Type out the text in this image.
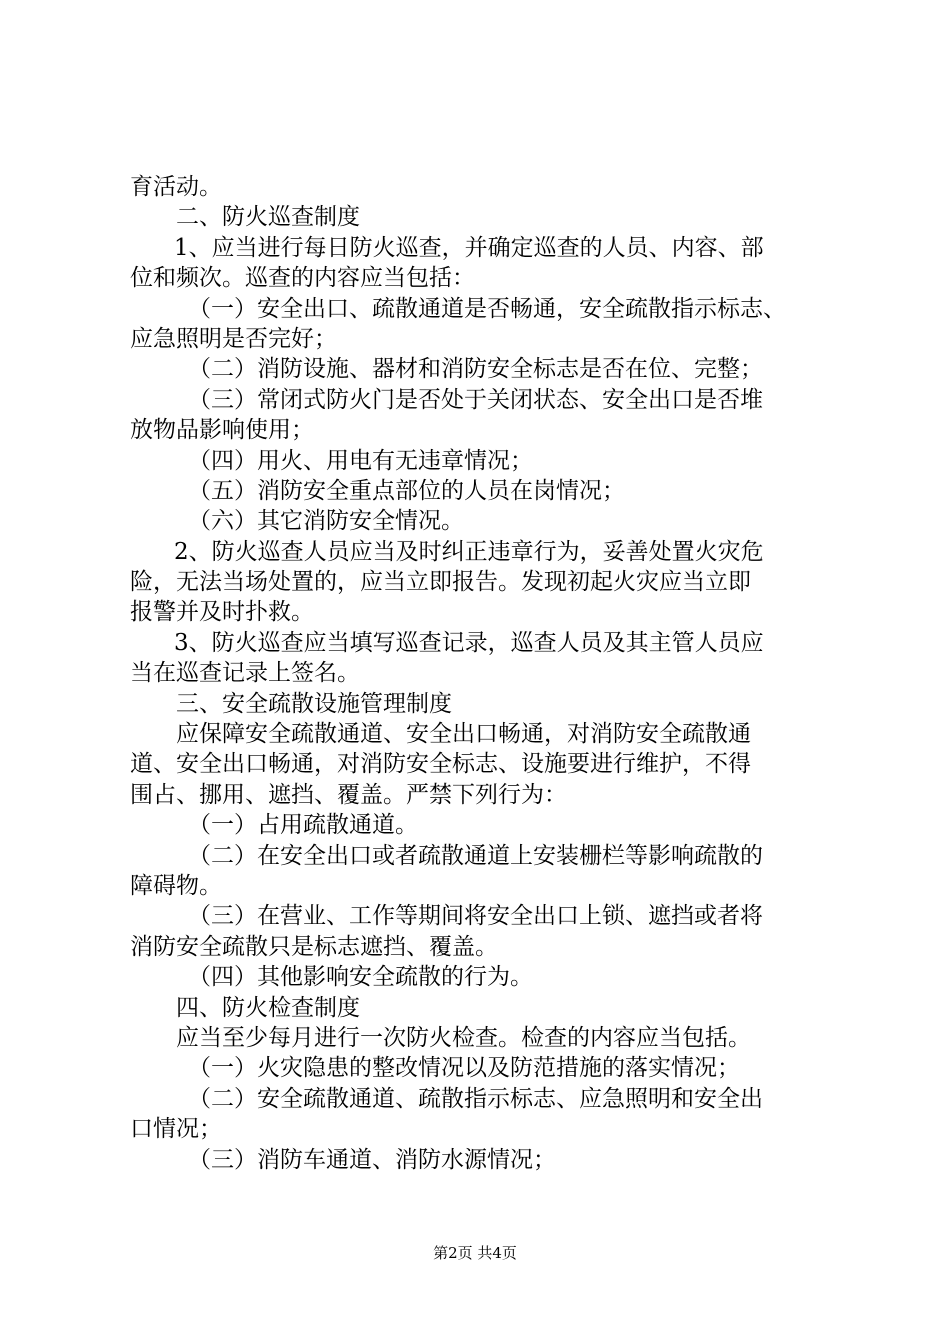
育活动。
二、防火巡查制度
1、应当进行每日防火巡查，并确定巡查的人员、内容、部
位和频次。巡查的内容应当包括：
（一）安全出口、疏散通道是否畅通，安全疏散指示标志、
应急照明是否完好；
（二）消防设施、器材和消防安全标志是否在位、完整；
（三）常闭式防火门是否处于关闭状态、安全出口是否堆
放物品影响使用；
（四）用火、用电有无违章情况；
（五）消防安全重点部位的人员在岗情况；
（六）其它消防安全情况。
2、防火巡查人员应当及时纠正违章行为，妥善处置火灾危
险，无法当场处置的，应当立即报告。发现初起火灾应当立即
报警并及时扑救。
3、防火巡查应当填写巡查记录，巡查人员及其主管人员应
当在巡查记录上签名。
三、安全疏散设施管理制度
应保障安全疏散通道、安全出口畅通，对消防安全疏散通
道、安全出口畅通，对消防安全标志、设施要进行维护，不得
围占、挪用、遮挡、覆盖。严禁下列行为：
（一）占用疏散通道。
（二）在安全出口或者疏散通道上安装栅栏等影响疏散的
障碍物。
（三）在营业、工作等期间将安全出口上锁、遮挡或者将
消防安全疏散只是标志遮挡、覆盖。
（四）其他影响安全疏散的行为。
四、防火检查制度
应当至少每月进行一次防火检查。检查的内容应当包括。
（一）火灾隐患的整改情况以及防范措施的落实情况；
（二）安全疏散通道、疏散指示标志、应急照明和安全出
口情况；
（三）消防车通道、消防水源情况；
第2页 共4页
